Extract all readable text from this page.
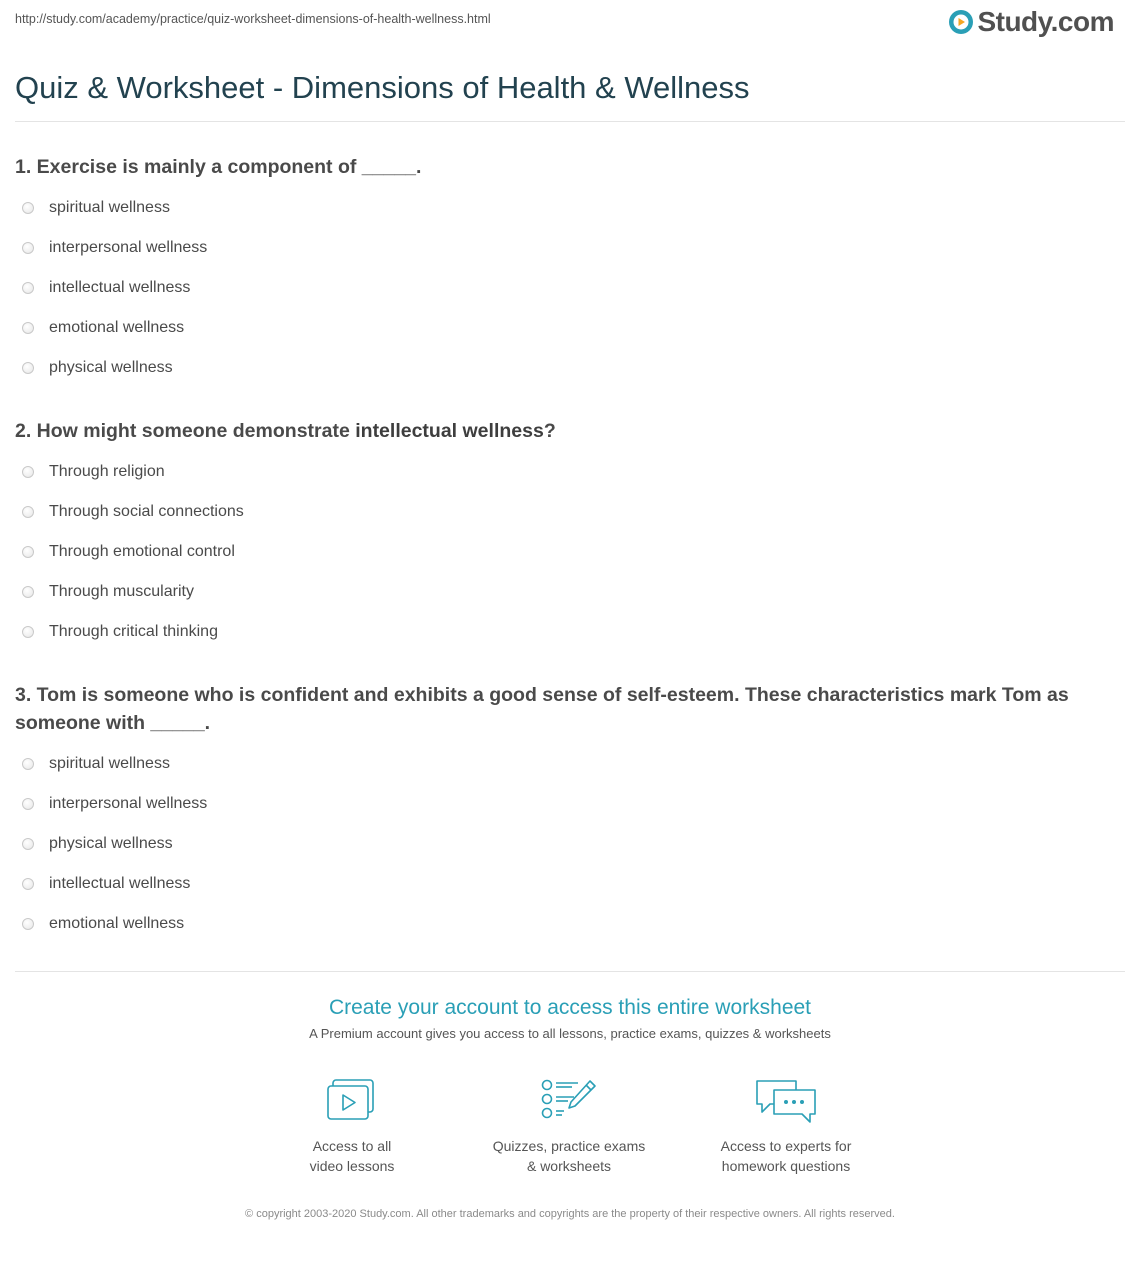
http://study.com/academy/practice/quiz-worksheet-dimensions-of-health-wellness.html	Study.com
Quiz & Worksheet - Dimensions of Health & Wellness

1. Exercise is mainly a component of _____.

spiritual wellness
interpersonal wellness
intellectual wellness
emotional wellness
physical wellness

2. How might someone demonstrate intellectual wellness?

Through religion
Through social connections
Through emotional control
Through muscularity
Through critical thinking

3. Tom is someone who is confident and exhibits a good sense of self-esteem. These characteristics mark Tom as someone with _____.

spiritual wellness
interpersonal wellness
physical wellness
intellectual wellness
emotional wellness
Create your account to access this entire worksheet
A Premium account gives you access to all lessons, practice exams, quizzes & worksheets
Access to all
video lessons
Quizzes, practice exams
& worksheets
Access to experts for
homework questions
© copyright 2003-2020 Study.com. All other trademarks and copyrights are the property of their respective owners. All rights reserved.
